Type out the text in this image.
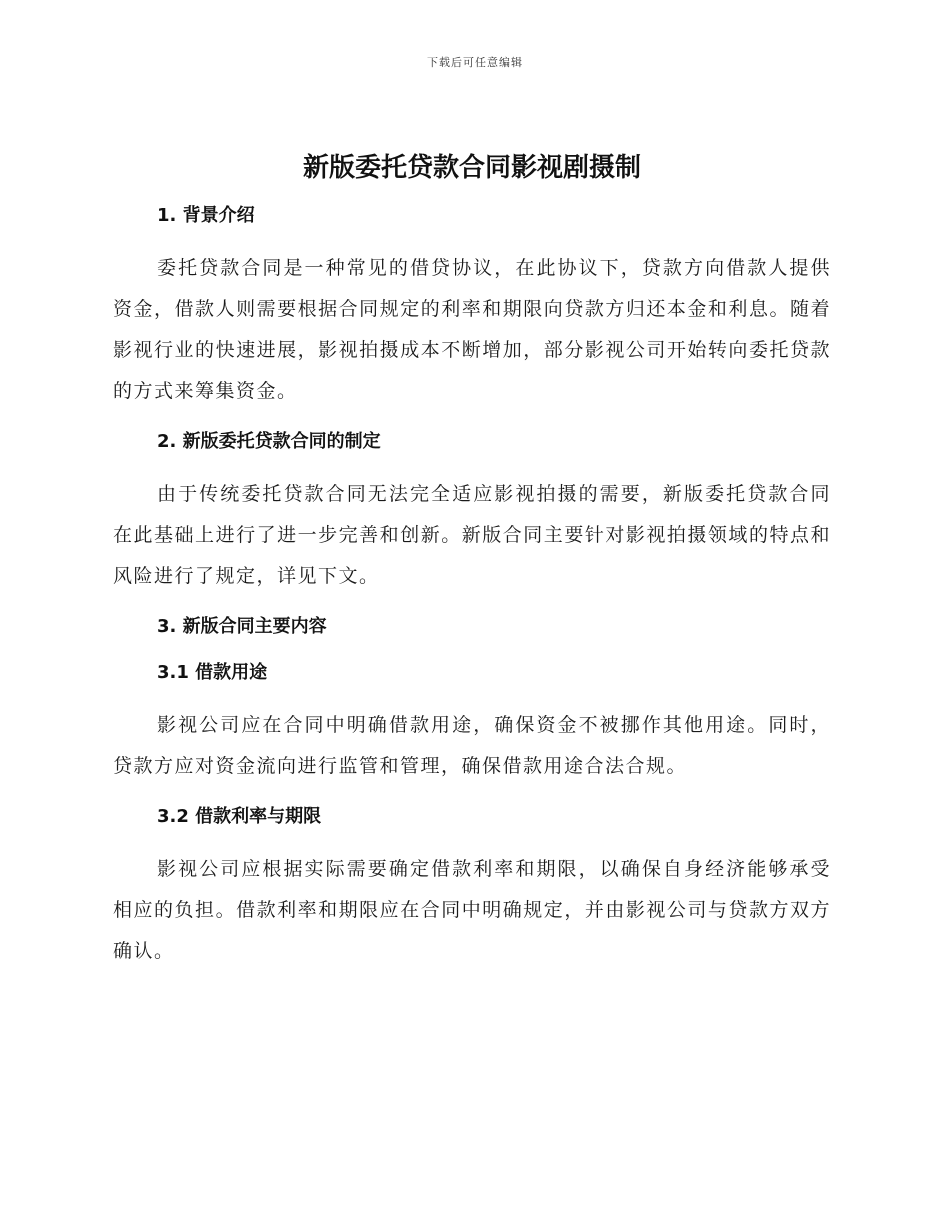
下载后可任意编辑
新版委托贷款合同影视剧摄制
1. 背景介绍

委托贷款合同是一种常见的借贷协议，在此协议下，贷款方向借款人提供资金，借款人则需要根据合同规定的利率和期限向贷款方归还本金和利息。随着影视行业的快速进展，影视拍摄成本不断增加，部分影视公司开始转向委托贷款的方式来筹集资金。

2. 新版委托贷款合同的制定

由于传统委托贷款合同无法完全适应影视拍摄的需要，新版委托贷款合同在此基础上进行了进一步完善和创新。新版合同主要针对影视拍摄领域的特点和风险进行了规定，详见下文。

3. 新版合同主要内容
3.1 借款用途

影视公司应在合同中明确借款用途，确保资金不被挪作其他用途。同时，贷款方应对资金流向进行监管和管理，确保借款用途合法合规。

3.2 借款利率与期限

影视公司应根据实际需要确定借款利率和期限，以确保自身经济能够承受相应的负担。借款利率和期限应在合同中明确规定，并由影视公司与贷款方双方确认。
